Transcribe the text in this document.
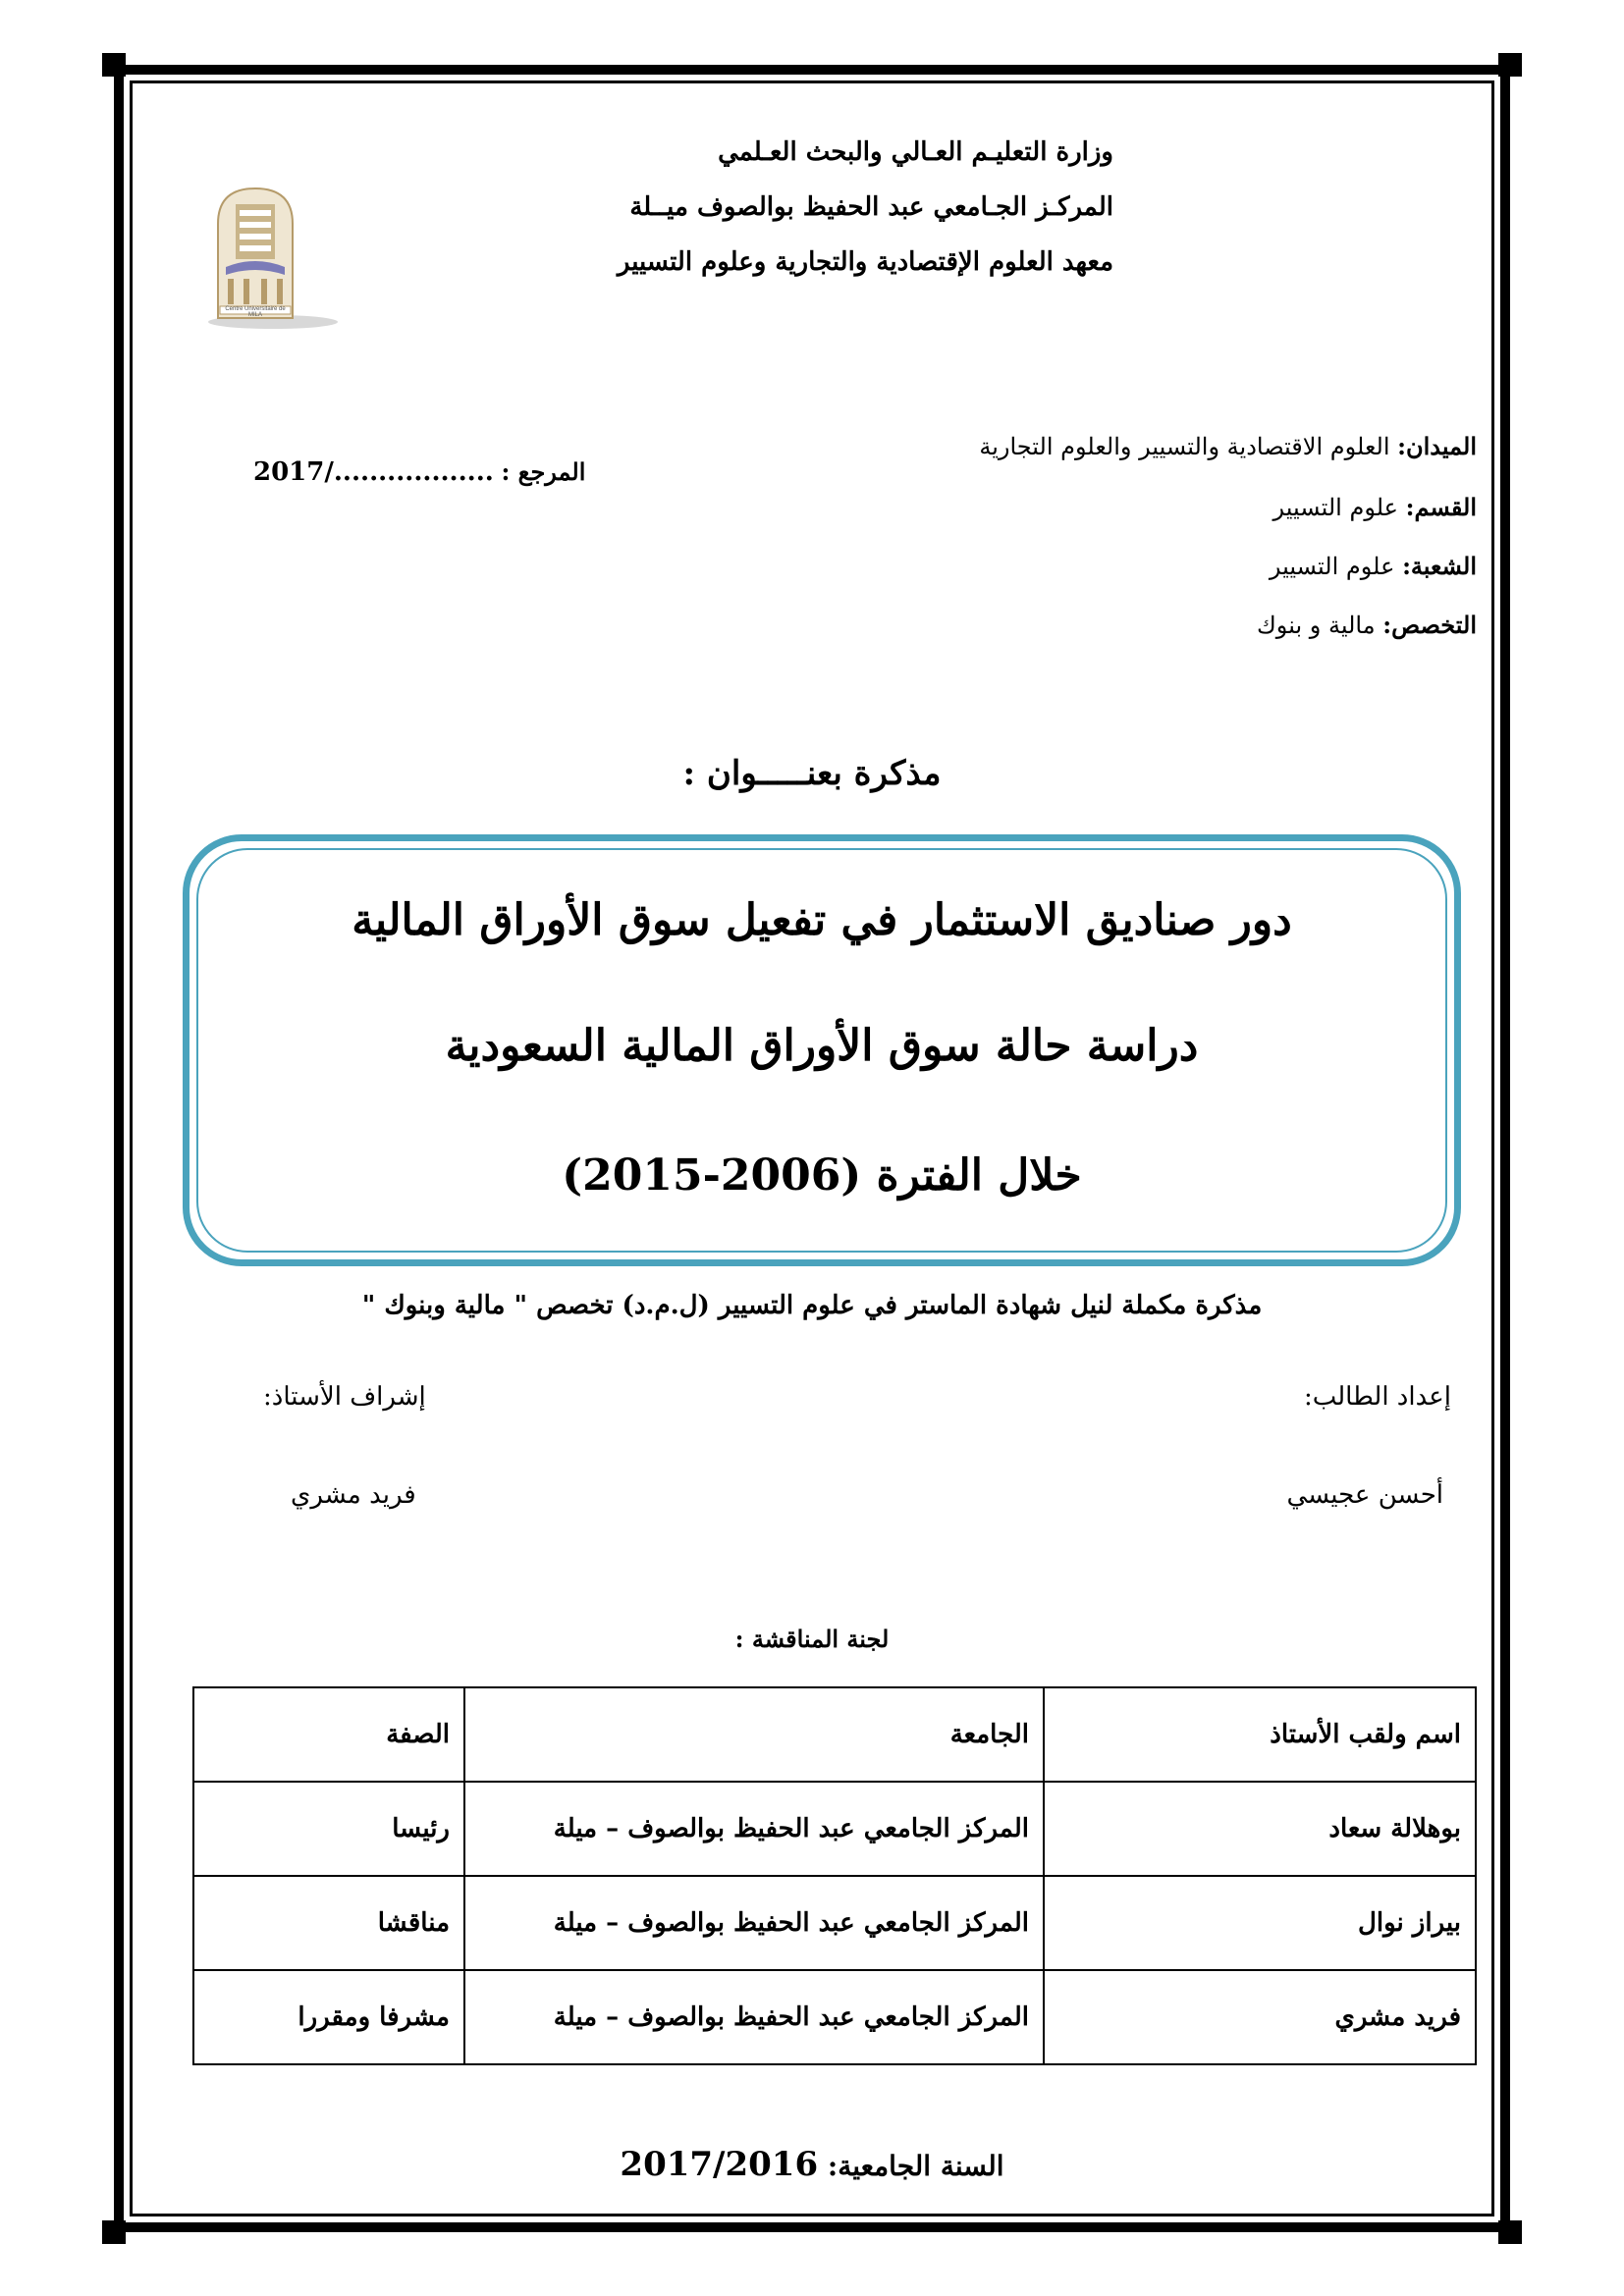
وزارة التعليـم العـالي والبحث العـلمي
المركـز الجـامعي عبد الحفيظ بوالصوف ميــلة
معهد العلوم الإقتصادية والتجارية وعلوم التسيير
Centre Universitaire de MILA
المرجع : ................../2017
الميدان: العلوم الاقتصادية والتسيير والعلوم التجارية
القسم: علوم التسيير
الشعبة: علوم التسيير
التخصص: مالية و بنوك
مذكرة بعنـــــوان :
دور صناديق الاستثمار في تفعيل سوق الأوراق المالية
دراسة حالة سوق الأوراق المالية السعودية
خلال الفترة (2006-2015)
مذكرة مكملة لنيل شهادة الماستر في علوم التسيير (ل.م.د) تخصص " مالية وبنوك "
إعداد الطالب:
إشراف الأستاذ:
أحسن عجيسي
فريد مشري
لجنة المناقشة :
اسم ولقب الأستاذ	الجامعة	الصفة
بوهلالة سعاد	المركز الجامعي عبد الحفيظ بوالصوف – ميلة	رئيسا
بيراز نوال	المركز الجامعي عبد الحفيظ بوالصوف – ميلة	مناقشا
فريد مشري	المركز الجامعي عبد الحفيظ بوالصوف – ميلة	مشرفا ومقررا
السنة الجامعية: 2017/2016
